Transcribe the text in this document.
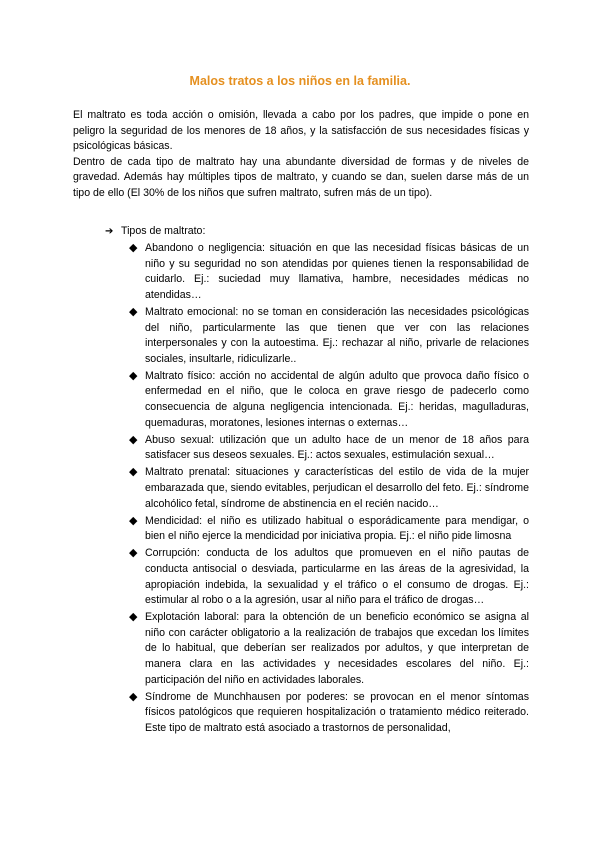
Malos tratos a los niños en la familia.

El maltrato es toda acción o omisión, llevada a cabo por los padres, que impide o pone en peligro la seguridad de los menores de 18 años, y la satisfacción de sus necesidades físicas y psicológicas básicas.

Dentro de cada tipo de maltrato hay una abundante diversidad de formas y de niveles de gravedad. Además hay múltiples tipos de maltrato, y cuando se dan, suelen darse más de un tipo de ello (El 30% de los niños que sufren maltrato, sufren más de un tipo).

➔ Tipos de maltrato:
◆ Abandono o negligencia: situación en que las necesidad físicas básicas de un niño y su seguridad no son atendidas por quienes tienen la responsabilidad de cuidarlo. Ej.: suciedad muy llamativa, hambre, necesidades médicas no atendidas…
◆ Maltrato emocional: no se toman en consideración las necesidades psicológicas del niño, particularmente las que tienen que ver con las relaciones interpersonales y con la autoestima. Ej.: rechazar al niño, privarle de relaciones sociales, insultarle, ridiculizarle..
◆ Maltrato físico: acción no accidental de algún adulto que provoca daño físico o enfermedad en el niño, que le coloca en grave riesgo de padecerlo como consecuencia de alguna negligencia intencionada. Ej.: heridas, magulladuras, quemaduras, moratones, lesiones internas o externas…
◆ Abuso sexual: utilización que un adulto hace de un menor de 18 años para satisfacer sus deseos sexuales. Ej.: actos sexuales, estimulación sexual…
◆ Maltrato prenatal: situaciones y características del estilo de vida de la mujer embarazada que, siendo evitables, perjudican el desarrollo del feto. Ej.: síndrome alcohólico fetal, síndrome de abstinencia en el recién nacido…
◆ Mendicidad: el niño es utilizado habitual o esporádicamente para mendigar, o bien el niño ejerce la mendicidad por iniciativa propia. Ej.: el niño pide limosna
◆ Corrupción: conducta de los adultos que promueven en el niño pautas de conducta antisocial o desviada, particularme en las áreas de la agresividad, la apropiación indebida, la sexualidad y el tráfico o el consumo de drogas. Ej.: estimular al robo o a la agresión, usar al niño para el tráfico de drogas…
◆ Explotación laboral: para la obtención de un beneficio económico se asigna al niño con carácter obligatorio a la realización de trabajos que excedan los límites de lo habitual, que deberían ser realizados por adultos, y que interpretan de manera clara en las actividades y necesidades escolares del niño. Ej.: participación del niño en actividades laborales.
◆ Síndrome de Munchhausen por poderes: se provocan en el menor síntomas físicos patológicos que requieren hospitalización o tratamiento médico reiterado. Este tipo de maltrato está asociado a trastornos de personalidad,
